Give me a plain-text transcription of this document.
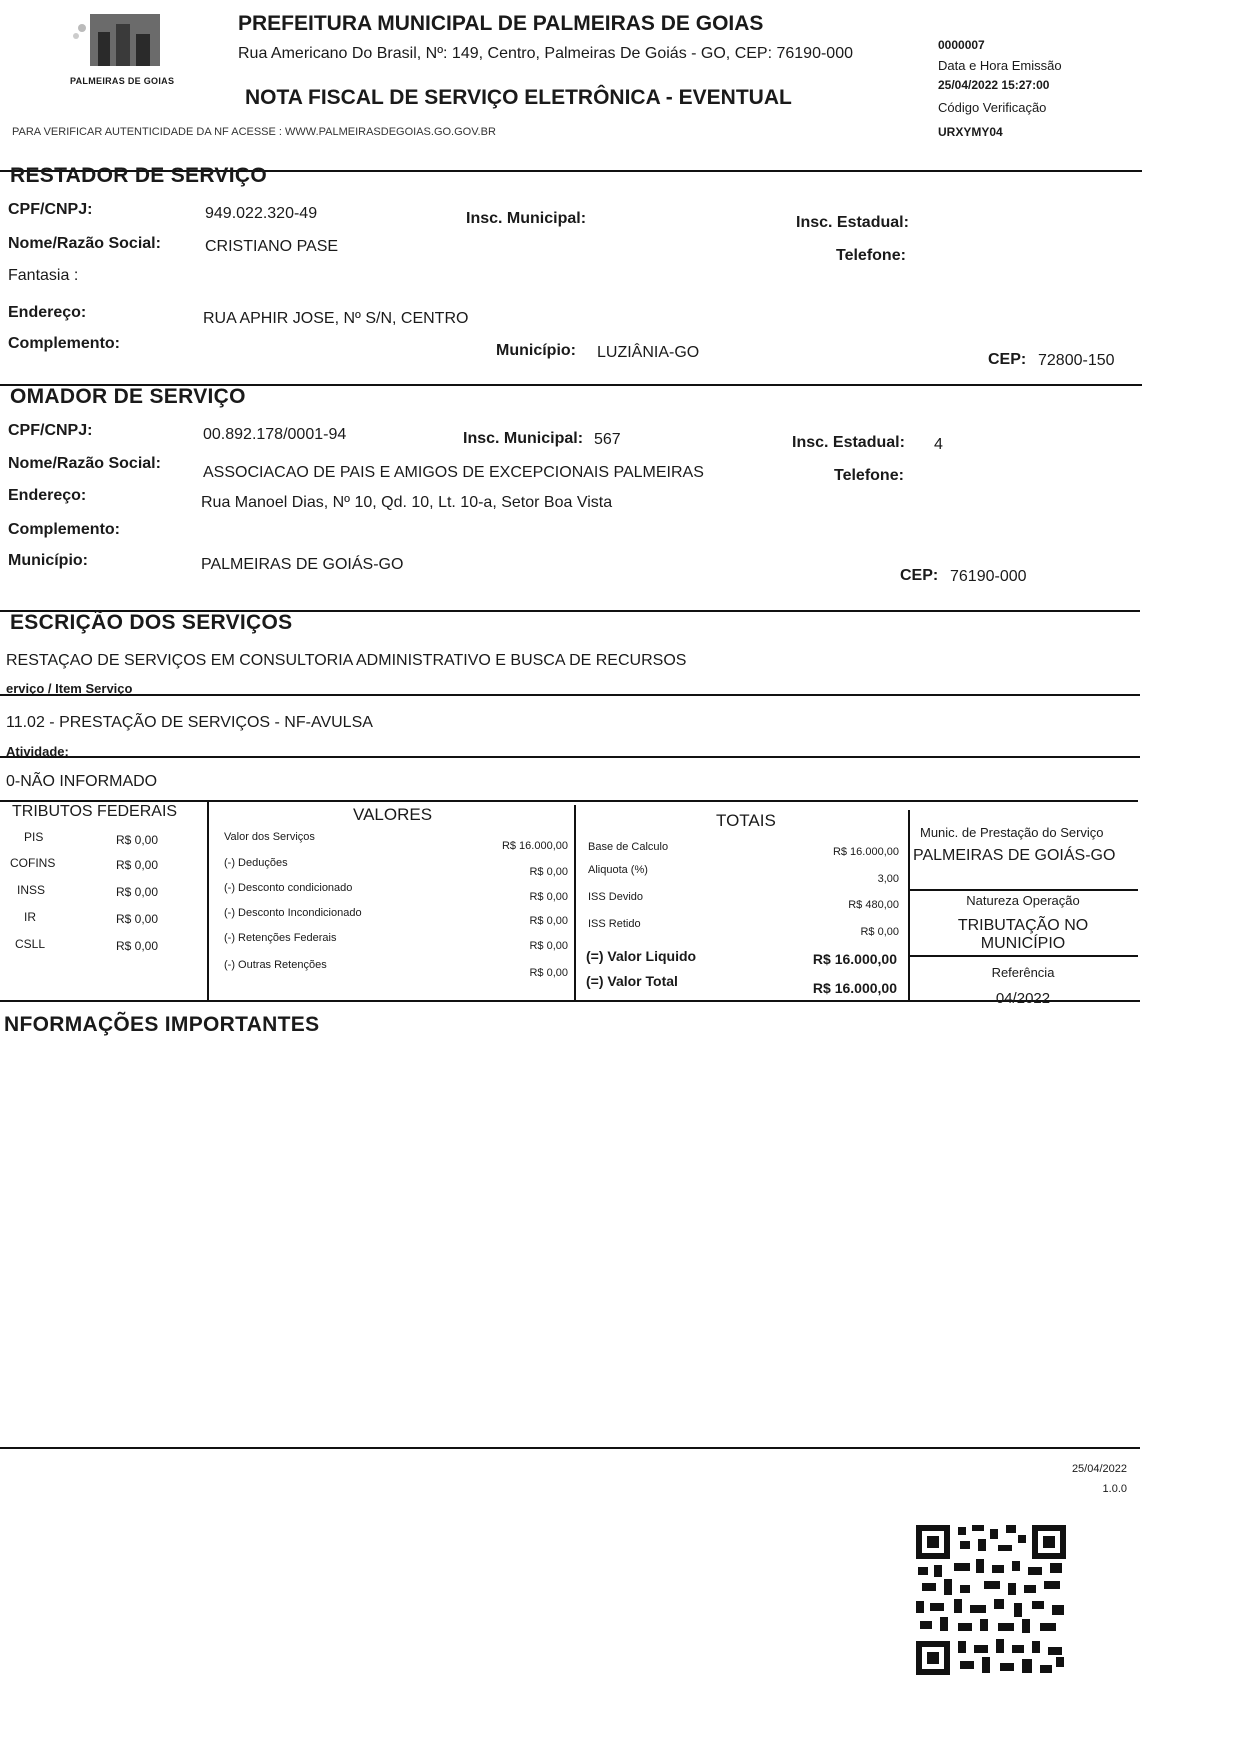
PALMEIRAS DE GOIAS
PREFEITURA MUNICIPAL DE PALMEIRAS DE GOIAS
Rua Americano Do Brasil, Nº: 149, Centro, Palmeiras De Goiás - GO, CEP: 76190-000
NOTA FISCAL DE SERVIÇO ELETRÔNICA - EVENTUAL
PARA VERIFICAR AUTENTICIDADE DA NF ACESSE : WWW.PALMEIRASDEGOIAS.GO.GOV.BR
0000007
Data e Hora Emissão
25/04/2022 15:27:00
Código Verificação
URXYMY04
RESTADOR DE SERVIÇO
CPF/CNPJ:	949.022.320-49	Insc. Municipal:	Insc. Estadual:
Nome/Razão Social:	CRISTIANO PASE
Telefone:
Fantasia :
Endereço:	RUA APHIR JOSE, Nº S/N, CENTRO
Complemento:	Município: LUZIÂNIA-GO	CEP: 72800-150
OMADOR DE SERVIÇO
CPF/CNPJ:	00.892.178/0001-94	Insc. Municipal: 567	Insc. Estadual: 4
Nome/Razão Social:
ASSOCIACAO DE PAIS E AMIGOS DE EXCEPCIONAIS PALMEIRAS	Telefone:
Endereço:	Rua Manoel Dias, Nº 10, Qd. 10, Lt. 10-a, Setor Boa Vista
Complemento:
Município:	PALMEIRAS DE GOIÁS-GO
CEP: 76190-000
ESCRIÇÃO DOS SERVIÇOS
RESTAÇAO DE SERVIÇOS EM CONSULTORIA ADMINISTRATIVO E BUSCA DE RECURSOS
erviço / Item Serviço
11.02 - PRESTAÇÃO DE SERVIÇOS - NF-AVULSA
Atividade:
0-NÃO INFORMADO
TRIBUTOS FEDERAIS
PIS	R$ 0,00
COFINS	R$ 0,00
INSS	R$ 0,00
IR	R$ 0,00
CSLL	R$ 0,00
VALORES
Valor dos Serviços
R$ 16.000,00
(-) Deduções
R$ 0,00
(-) Desconto condicionado
R$ 0,00
(-) Desconto Incondicionado
R$ 0,00
(-) Retenções Federais
R$ 0,00
(-) Outras Retenções
R$ 0,00
TOTAIS
Base de Calculo	R$ 16.000,00
Aliquota (%)
3,00
ISS Devido
R$ 480,00
ISS Retido
R$ 0,00
(=) Valor Liquido	R$ 16.000,00
(=) Valor Total	R$ 16.000,00
Munic. de Prestação do Serviço
PALMEIRAS DE GOIÁS-GO
Natureza Operação
TRIBUTAÇÃO NO
MUNICÍPIO
Referência
04/2022
NFORMAÇÕES IMPORTANTES
25/04/2022
1.0.0
